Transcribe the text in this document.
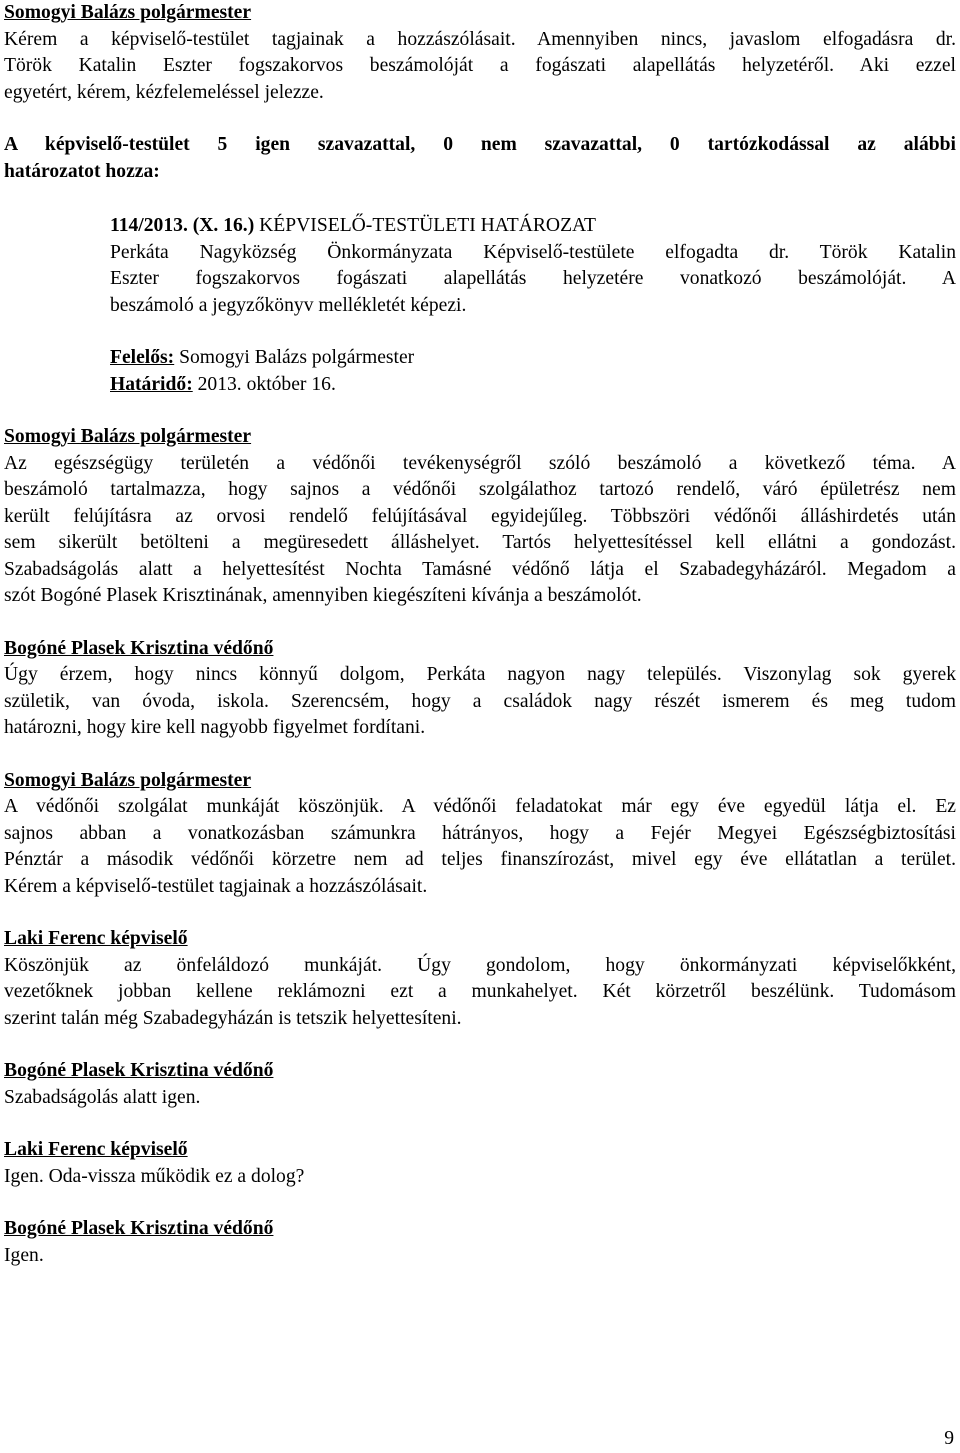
Somogyi Balázs polgármester

Kérem a képviselő-testület tagjainak a hozzászólásait. Amennyiben nincs, javaslom elfogadásra dr.

Török Katalin Eszter fogszakorvos beszámolóját a fogászati alapellátás helyzetéről. Aki ezzel

egyetért, kérem, kézfelemeléssel jelezze.

A képviselő-testület 5 igen szavazattal, 0 nem szavazattal, 0 tartózkodással az alábbi

határozatot hozza:

114/2013. (X. 16.) KÉPVISELŐ-TESTÜLETI HATÁROZAT

Perkáta Nagyközség Önkormányzata Képviselő-testülete elfogadta dr. Török Katalin

Eszter fogszakorvos fogászati alapellátás helyzetére vonatkozó beszámolóját. A

beszámoló a jegyzőkönyv mellékletét képezi.

Felelős: Somogyi Balázs polgármester

Határidő: 2013. október 16.

Somogyi Balázs polgármester

Az egészségügy területén a védőnői tevékenységről szóló beszámoló a következő téma. A

beszámoló tartalmazza, hogy sajnos a védőnői szolgálathoz tartozó rendelő, váró épületrész nem

került felújításra az orvosi rendelő felújításával egyidejűleg. Többszöri védőnői álláshirdetés után

sem sikerült betölteni a megüresedett álláshelyet. Tartós helyettesítéssel kell ellátni a gondozást.

Szabadságolás alatt a helyettesítést Nochta Tamásné védőnő látja el Szabadegyházáról. Megadom a

szót Bogóné Plasek Krisztinának, amennyiben kiegészíteni kívánja a beszámolót.

Bogóné Plasek Krisztina védőnő

Úgy érzem, hogy nincs könnyű dolgom, Perkáta nagyon nagy település. Viszonylag sok gyerek

születik, van óvoda, iskola. Szerencsém, hogy a családok nagy részét ismerem és meg tudom

határozni, hogy kire kell nagyobb figyelmet fordítani.

Somogyi Balázs polgármester

A védőnői szolgálat munkáját köszönjük. A védőnői feladatokat már egy éve egyedül látja el. Ez

sajnos abban a vonatkozásban számunkra hátrányos, hogy a Fejér Megyei Egészségbiztosítási

Pénztár a második védőnői körzetre nem ad teljes finanszírozást, mivel egy éve ellátatlan a terület.

Kérem a képviselő-testület tagjainak a hozzászólásait.

Laki Ferenc képviselő

Köszönjük az önfeláldozó munkáját. Úgy gondolom, hogy önkormányzati képviselőkként,

vezetőknek jobban kellene reklámozni ezt a munkahelyet. Két körzetről beszélünk. Tudomásom

szerint talán még Szabadegyházán is tetszik helyettesíteni.

Bogóné Plasek Krisztina védőnő

Szabadságolás alatt igen.

Laki Ferenc képviselő

Igen. Oda-vissza működik ez a dolog?

Bogóné Plasek Krisztina védőnő

Igen.

9
